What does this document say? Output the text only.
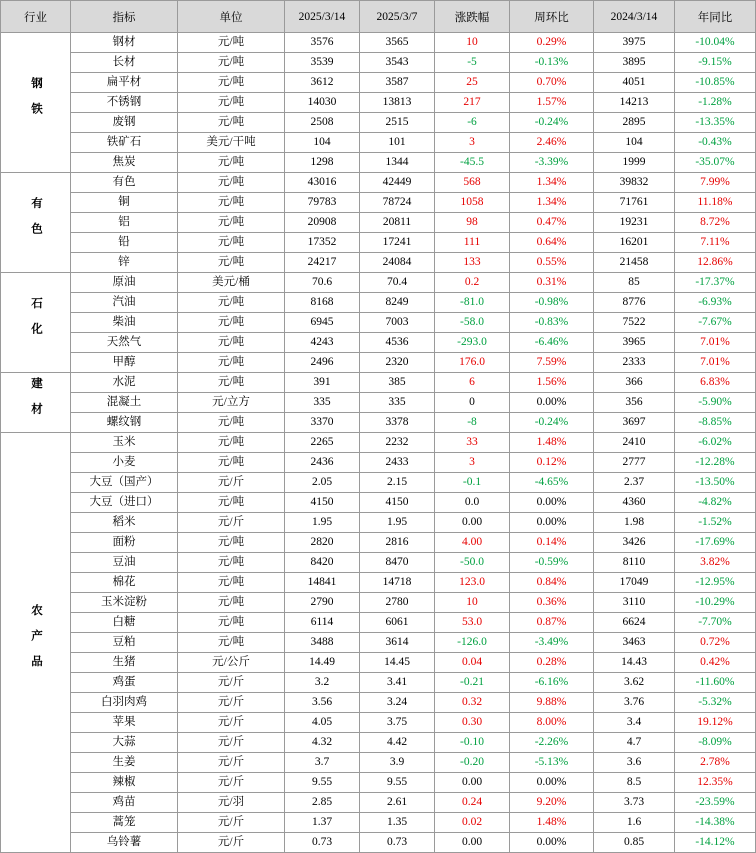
行业	指标	单位	2025/3/14	2025/3/7	涨跌幅	周环比	2024/3/14	年同比
钢铁	钢材	元/吨	3576	3565	10	0.29%	3975	-10.04%
	长材	元/吨	3539	3543	-5	-0.13%	3895	-9.15%
	扁平材	元/吨	3612	3587	25	0.70%	4051	-10.85%
	不锈钢	元/吨	14030	13813	217	1.57%	14213	-1.28%
	废钢	元/吨	2508	2515	-6	-0.24%	2895	-13.35%
	铁矿石	美元/干吨	104	101	3	2.46%	104	-0.43%
	焦炭	元/吨	1298	1344	-45.5	-3.39%	1999	-35.07%
有色	有色	元/吨	43016	42449	568	1.34%	39832	7.99%
	铜	元/吨	79783	78724	1058	1.34%	71761	11.18%
	铝	元/吨	20908	20811	98	0.47%	19231	8.72%
	铅	元/吨	17352	17241	111	0.64%	16201	7.11%
	锌	元/吨	24217	24084	133	0.55%	21458	12.86%
石化	原油	美元/桶	70.6	70.4	0.2	0.31%	85	-17.37%
	汽油	元/吨	8168	8249	-81.0	-0.98%	8776	-6.93%
	柴油	元/吨	6945	7003	-58.0	-0.83%	7522	-7.67%
	天然气	元/吨	4243	4536	-293.0	-6.46%	3965	7.01%
	甲醇	元/吨	2496	2320	176.0	7.59%	2333	7.01%
建材	水泥	元/吨	391	385	6	1.56%	366	6.83%
	混凝土	元/立方	335	335	0	0.00%	356	-5.90%
	螺纹钢	元/吨	3370	3378	-8	-0.24%	3697	-8.85%
农产品	玉米	元/吨	2265	2232	33	1.48%	2410	-6.02%
	小麦	元/吨	2436	2433	3	0.12%	2777	-12.28%
	大豆（国产）	元/斤	2.05	2.15	-0.1	-4.65%	2.37	-13.50%
	大豆（进口）	元/吨	4150	4150	0.0	0.00%	4360	-4.82%
	稻米	元/斤	1.95	1.95	0.00	0.00%	1.98	-1.52%
	面粉	元/吨	2820	2816	4.00	0.14%	3426	-17.69%
	豆油	元/吨	8420	8470	-50.0	-0.59%	8110	3.82%
	棉花	元/吨	14841	14718	123.0	0.84%	17049	-12.95%
	玉米淀粉	元/吨	2790	2780	10	0.36%	3110	-10.29%
	白糖	元/吨	6114	6061	53.0	0.87%	6624	-7.70%
	豆粕	元/吨	3488	3614	-126.0	-3.49%	3463	0.72%
	生猪	元/公斤	14.49	14.45	0.04	0.28%	14.43	0.42%
	鸡蛋	元/斤	3.2	3.41	-0.21	-6.16%	3.62	-11.60%
	白羽肉鸡	元/斤	3.56	3.24	0.32	9.88%	3.76	-5.32%
	苹果	元/斤	4.05	3.75	0.30	8.00%	3.4	19.12%
	大蒜	元/斤	4.32	4.42	-0.10	-2.26%	4.7	-8.09%
	生姜	元/斤	3.7	3.9	-0.20	-5.13%	3.6	2.78%
	辣椒	元/斤	9.55	9.55	0.00	0.00%	8.5	12.35%
	鸡苗	元/羽	2.85	2.61	0.24	9.20%	3.73	-23.59%
	蒿笼	元/斤	1.37	1.35	0.02	1.48%	1.6	-14.38%
	乌铃薯	元/斤	0.73	0.73	0.00	0.00%	0.85	-14.12%
